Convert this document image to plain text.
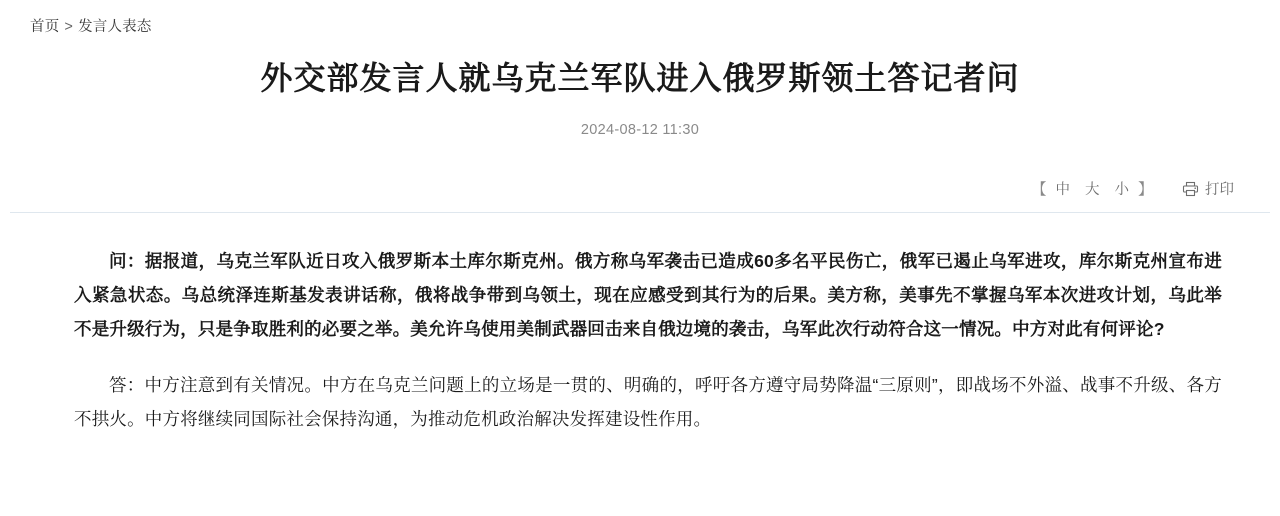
首页 > 发言人表态
外交部发言人就乌克兰军队进入俄罗斯领土答记者问
2024-08-12 11:30
【 中 大 小 】	打印

问：据报道，乌克兰军队近日攻入俄罗斯本土库尔斯克州。俄方称乌军袭击已造成60多名平民伤亡，俄军已遏止乌军进攻，库尔斯克州宣布进入紧急状态。乌总统泽连斯基发表讲话称，俄将战争带到乌领土，现在应感受到其行为的后果。美方称，美事先不掌握乌军本次进攻计划，乌此举不是升级行为，只是争取胜利的必要之举。美允许乌使用美制武器回击来自俄边境的袭击，乌军此次行动符合这一情况。中方对此有何评论?

答：中方注意到有关情况。中方在乌克兰问题上的立场是一贯的、明确的，呼吁各方遵守局势降温“三原则”，即战场不外溢、战事不升级、各方不拱火。中方将继续同国际社会保持沟通，为推动危机政治解决发挥建设性作用。
